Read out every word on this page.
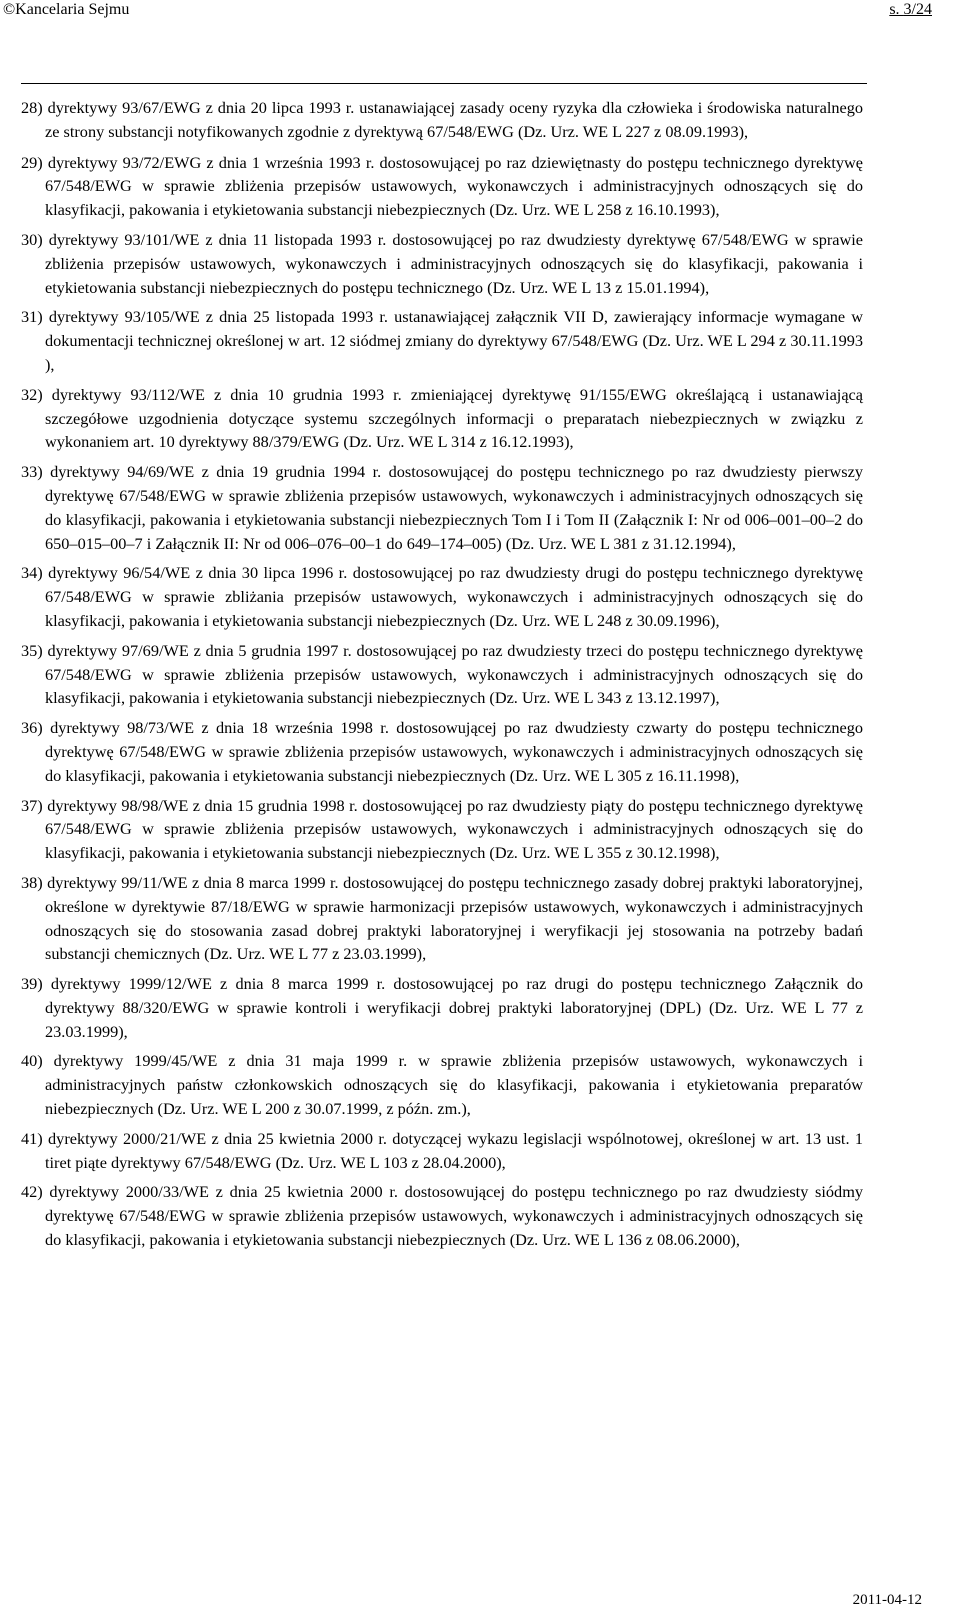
©Kancelaria Sejmu	s. 3/24

28) dyrektywy 93/67/EWG z dnia 20 lipca 1993 r. ustanawiającej zasady oceny ryzyka dla człowieka i środowiska naturalnego ze strony substancji notyfikowanych zgodnie z dyrektywą 67/548/EWG (Dz. Urz. WE L 227 z 08.09.1993),

29) dyrektywy 93/72/EWG z dnia 1 września 1993 r. dostosowującej po raz dziewiętnasty do postępu technicznego dyrektywę 67/548/EWG w sprawie zbliżenia przepisów ustawowych, wykonawczych i administracyjnych odnoszących się do klasyfikacji, pakowania i etykietowania substancji niebezpiecznych (Dz. Urz. WE L 258 z 16.10.1993),

30) dyrektywy 93/101/WE z dnia 11 listopada 1993 r. dostosowującej po raz dwudziesty dyrektywę 67/548/EWG w sprawie zbliżenia przepisów ustawowych, wykonawczych i administracyjnych odnoszących się do klasyfikacji, pakowania i etykietowania substancji niebezpiecznych do postępu technicznego (Dz. Urz. WE L 13 z 15.01.1994),

31) dyrektywy 93/105/WE z dnia 25 listopada 1993 r. ustanawiającej załącznik VII D, zawierający informacje wymagane w dokumentacji technicznej określonej w art. 12 siódmej zmiany do dyrektywy 67/548/EWG (Dz. Urz. WE L 294 z 30.11.1993 ),

32) dyrektywy 93/112/WE z dnia 10 grudnia 1993 r. zmieniającej dyrektywę 91/155/EWG określającą i ustanawiającą szczegółowe uzgodnienia dotyczące systemu szczególnych informacji o preparatach niebezpiecznych w związku z wykonaniem art. 10 dyrektywy 88/379/EWG (Dz. Urz. WE L 314 z 16.12.1993),

33) dyrektywy 94/69/WE z dnia 19 grudnia 1994 r. dostosowującej do postępu technicznego po raz dwudziesty pierwszy dyrektywę 67/548/EWG w sprawie zbliżenia przepisów ustawowych, wykonawczych i administracyjnych odnoszących się do klasyfikacji, pakowania i etykietowania substancji niebezpiecznych Tom I i Tom II (Załącznik I: Nr od 006–001–00–2 do 650–015–00–7 i Załącznik II: Nr od 006–076–00–1 do 649–174–005) (Dz. Urz. WE L 381 z 31.12.1994),

34) dyrektywy 96/54/WE z dnia 30 lipca 1996 r. dostosowującej po raz dwudziesty drugi do postępu technicznego dyrektywę 67/548/EWG w sprawie zbliżania przepisów ustawowych, wykonawczych i administracyjnych odnoszących się do klasyfikacji, pakowania i etykietowania substancji niebezpiecznych (Dz. Urz. WE L 248 z 30.09.1996),

35) dyrektywy 97/69/WE z dnia 5 grudnia 1997 r. dostosowującej po raz dwudziesty trzeci do postępu technicznego dyrektywę 67/548/EWG w sprawie zbliżenia przepisów ustawowych, wykonawczych i administracyjnych odnoszących się do klasyfikacji, pakowania i etykietowania substancji niebezpiecznych (Dz. Urz. WE L 343 z 13.12.1997),

36) dyrektywy 98/73/WE z dnia 18 września 1998 r. dostosowującej po raz dwudziesty czwarty do postępu technicznego dyrektywę 67/548/EWG w sprawie zbliżenia przepisów ustawowych, wykonawczych i administracyjnych odnoszących się do klasyfikacji, pakowania i etykietowania substancji niebezpiecznych (Dz. Urz. WE L 305 z 16.11.1998),

37) dyrektywy 98/98/WE z dnia 15 grudnia 1998 r. dostosowującej po raz dwudziesty piąty do postępu technicznego dyrektywę 67/548/EWG w sprawie zbliżenia przepisów ustawowych, wykonawczych i administracyjnych odnoszących się do klasyfikacji, pakowania i etykietowania substancji niebezpiecznych (Dz. Urz. WE L 355 z 30.12.1998),

38) dyrektywy 99/11/WE z dnia 8 marca 1999 r. dostosowującej do postępu technicznego zasady dobrej praktyki laboratoryjnej, określone w dyrektywie 87/18/EWG w sprawie harmonizacji przepisów ustawowych, wykonawczych i administracyjnych odnoszących się do stosowania zasad dobrej praktyki laboratoryjnej i weryfikacji jej stosowania na potrzeby badań substancji chemicznych (Dz. Urz. WE L 77 z 23.03.1999),

39) dyrektywy 1999/12/WE z dnia 8 marca 1999 r. dostosowującej po raz drugi do postępu technicznego Załącznik do dyrektywy 88/320/EWG w sprawie kontroli i weryfikacji dobrej praktyki laboratoryjnej (DPL) (Dz. Urz. WE L 77 z 23.03.1999),

40) dyrektywy 1999/45/WE z dnia 31 maja 1999 r. w sprawie zbliżenia przepisów ustawowych, wykonawczych i administracyjnych państw członkowskich odnoszących się do klasyfikacji, pakowania i etykietowania preparatów niebezpiecznych (Dz. Urz. WE L 200 z 30.07.1999, z późn. zm.),

41) dyrektywy 2000/21/WE z dnia 25 kwietnia 2000 r. dotyczącej wykazu legislacji wspólnotowej, określonej w art. 13 ust. 1 tiret piąte dyrektywy 67/548/EWG (Dz. Urz. WE L 103 z 28.04.2000),

42) dyrektywy 2000/33/WE z dnia 25 kwietnia 2000 r. dostosowującej do postępu technicznego po raz dwudziesty siódmy dyrektywę 67/548/EWG w sprawie zbliżenia przepisów ustawowych, wykonawczych i administracyjnych odnoszących się do klasyfikacji, pakowania i etykietowania substancji niebezpiecznych (Dz. Urz. WE L 136 z 08.06.2000),

2011-04-12
